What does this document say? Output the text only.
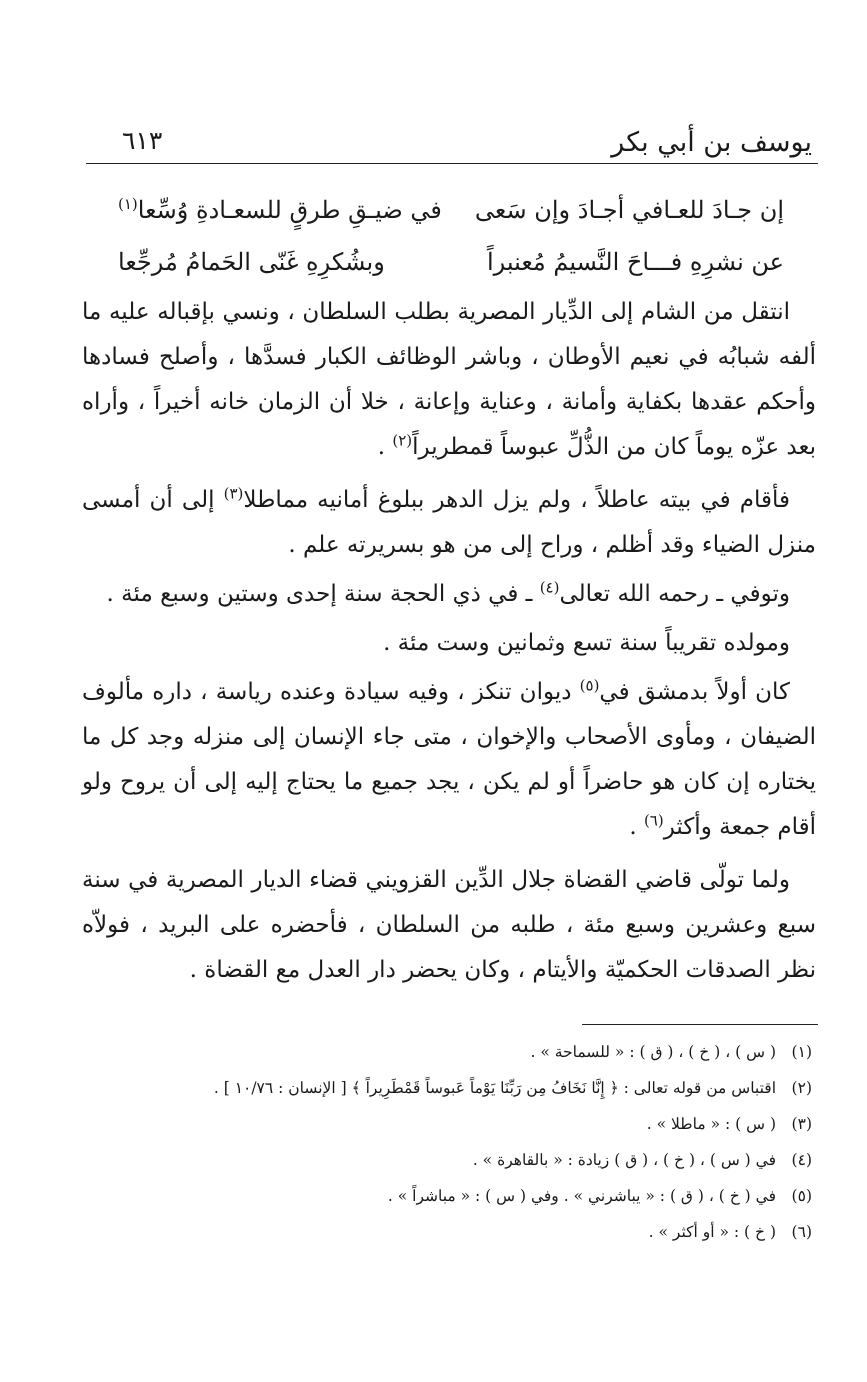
يوسف بن أبي بكر
٦١٣
إن جـادَ للعـافي أجـادَ وإن سَعى
في ضيـقِ طرقٍ للسعـادةِ وُسِّعا$^{(١)}$
عن نشرِهِ فـــاحَ النَّسيمُ مُعنبراً
وبشُكرِهِ غَنّى الحَمامُ مُرجِّعا

انتقل من الشام إلى الدِّيار المصرية بطلب السلطان ، ونسي بإقباله عليه ما ألفه شبابُه في نعيم الأوطان ، وباشر الوظائف الكبار فسدَّها ، وأصلح فسادها وأحكم عقدها بكفاية وأمانة ، وعناية وإعانة ، خلا أن الزمان خانه أخيراً ، وأراه بعد عزّه يوماً كان من الذُّلِّ عبوساً قمطريراً$^{(٢)}$ .

فأقام في بيته عاطلاً ، ولم يزل الدهر ببلوغ أمانيه مماطلا$^{(٣)}$ إلى أن أمسى منزل الضياء وقد أظلم ، وراح إلى من هو بسريرته علم .

وتوفي ـ رحمه الله تعالى$^{(٤)}$ ـ في ذي الحجة سنة إحدى وستين وسبع مئة .

ومولده تقريباً سنة تسع وثمانين وست مئة .

كان أولاً بدمشق في$^{(٥)}$ ديوان تنكز ، وفيه سيادة وعنده رياسة ، داره مألوف الضيفان ، ومأوى الأصحاب والإخوان ، متى جاء الإنسان إلى منزله وجد كل ما يختاره إن كان هو حاضراً أو لم يكن ، يجد جميع ما يحتاج إليه إلى أن يروح ولو أقام جمعة وأكثر$^{(٦)}$ .

ولما تولّى قاضي القضاة جلال الدِّين القزويني قضاء الديار المصرية في سنة سبع وعشرين وسبع مئة ، طلبه من السلطان ، فأحضره على البريد ، فولاّه نظر الصدقات الحكميّة والأيتام ، وكان يحضر دار العدل مع القضاة .

(١)
( س ) ، ( خ ) ، ( ق ) : « للسماحة » .
(٢)
اقتباس من قوله تعالى : ﴿ إِنَّا نَخَافُ مِن رَبِّنَا يَوْماً عَبوساً قَمْطَرِيراً ﴾ [ الإنسان : ١٠/٧٦ ] .
(٣)
( س ) : « ماطلا » .
(٤)
في ( س ) ، ( خ ) ، ( ق ) زيادة : « بالقاهرة » .
(٥)
في ( خ ) ، ( ق ) : « يباشرني » . وفي ( س ) : « مباشراً » .
(٦)
( خ ) : « أو أكثر » .
